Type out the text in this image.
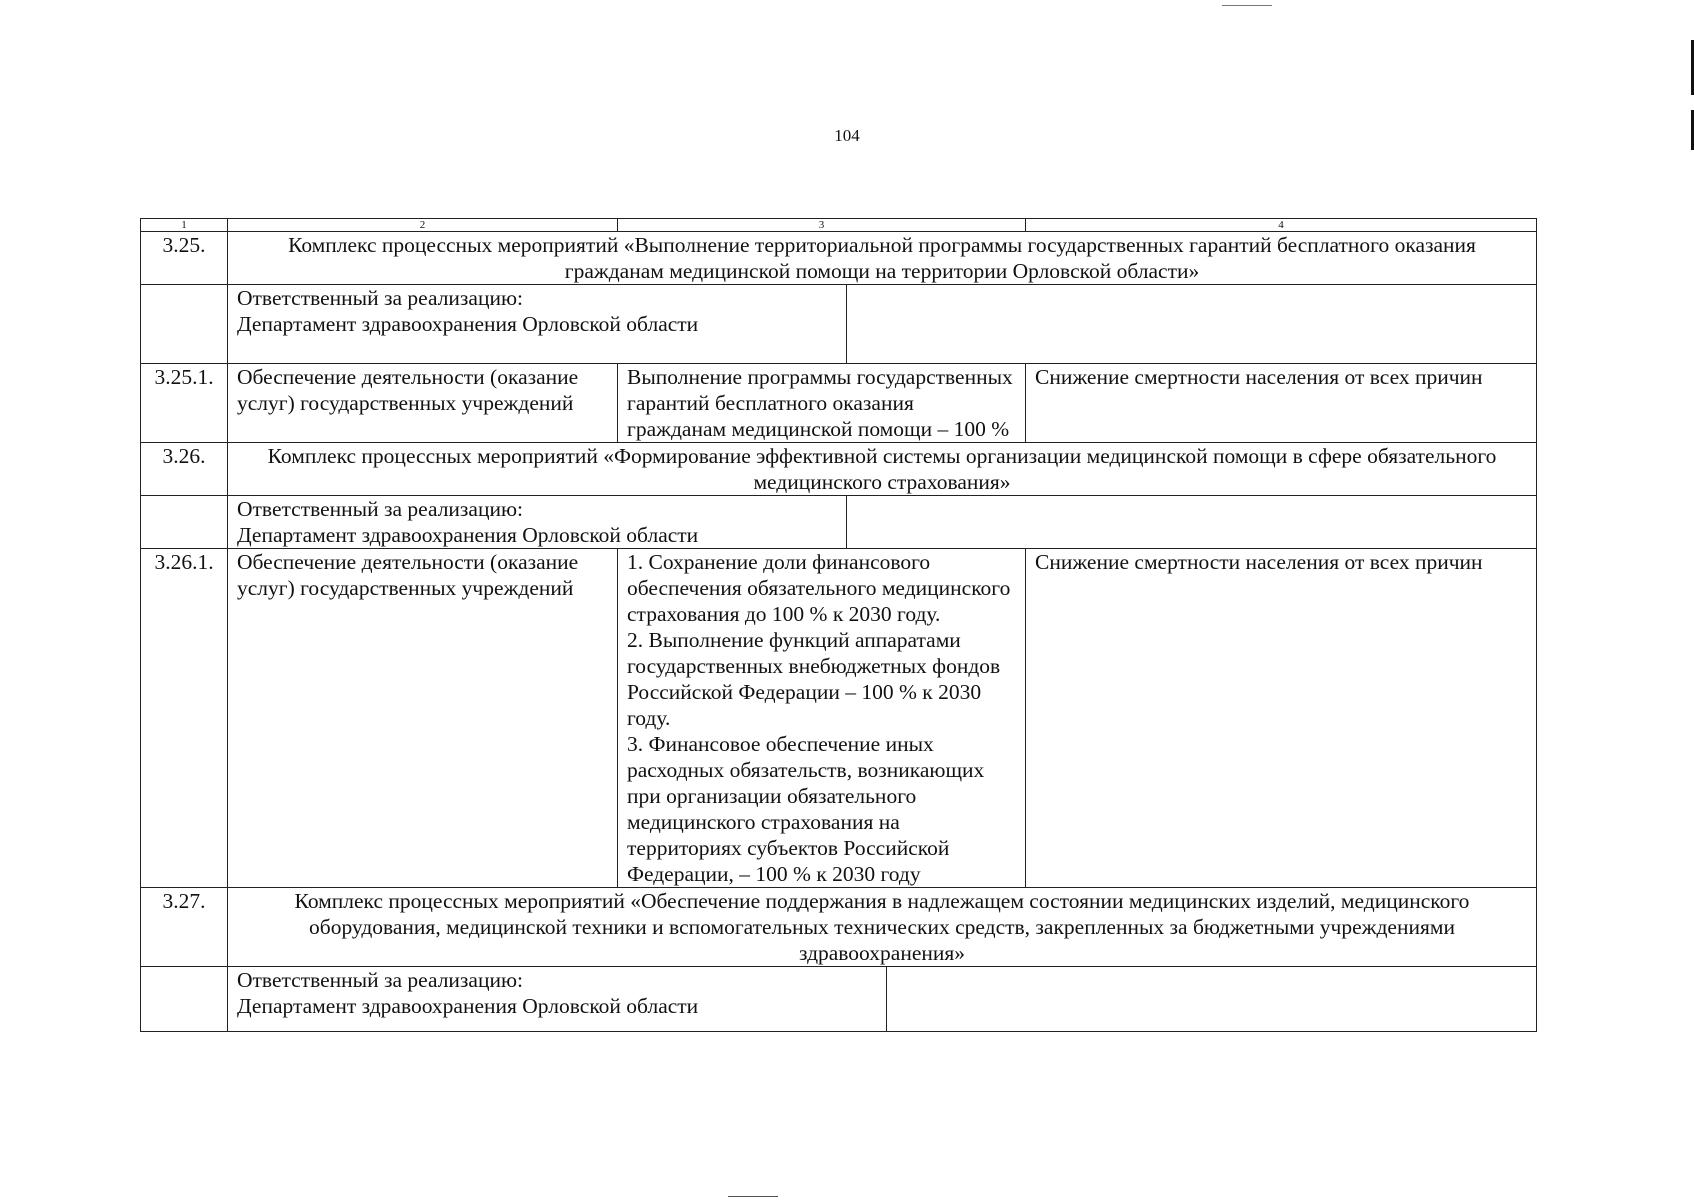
104
1	2	3	4
3.25.	Комплекс процессных мероприятий «Выполнение территориальной программы государственных гарантий бесплатного оказания гражданам медицинской помощи на территории Орловской области»

Ответственный за реализацию:
Департамент здравоохранения Орловской области

3.25.1.	Обеспечение деятельности (оказание услуг) государственных учреждений	Выполнение программы государственных гарантий бесплатного оказания гражданам медицинской помощи – 100 %	Снижение смертности населения от всех причин
3.26.	Комплекс процессных мероприятий «Формирование эффективной системы организации медицинской помощи в сфере обязательного медицинского страхования»

Ответственный за реализацию:
Департамент здравоохранения Орловской области

3.26.1.	Обеспечение деятельности (оказание услуг) государственных учреждений	1. Сохранение доли финансового обеспечения обязательного медицинского страхования до 100 % к 2030 году.
2. Выполнение функций аппаратами государственных внебюджетных фондов Российской Федерации – 100 % к 2030 году.
3. Финансовое обеспечение иных расходных обязательств, возникающих при организации обязательного медицинского страхования на территориях субъектов Российской Федерации, – 100 % к 2030 году	Снижение смертности населения от всех причин
3.27.	Комплекс процессных мероприятий «Обеспечение поддержания в надлежащем состоянии медицинских изделий, медицинского оборудования, медицинской техники и вспомогательных технических средств, закрепленных за бюджетными учреждениями здравоохранения»

Ответственный за реализацию:
Департамент здравоохранения Орловской области
